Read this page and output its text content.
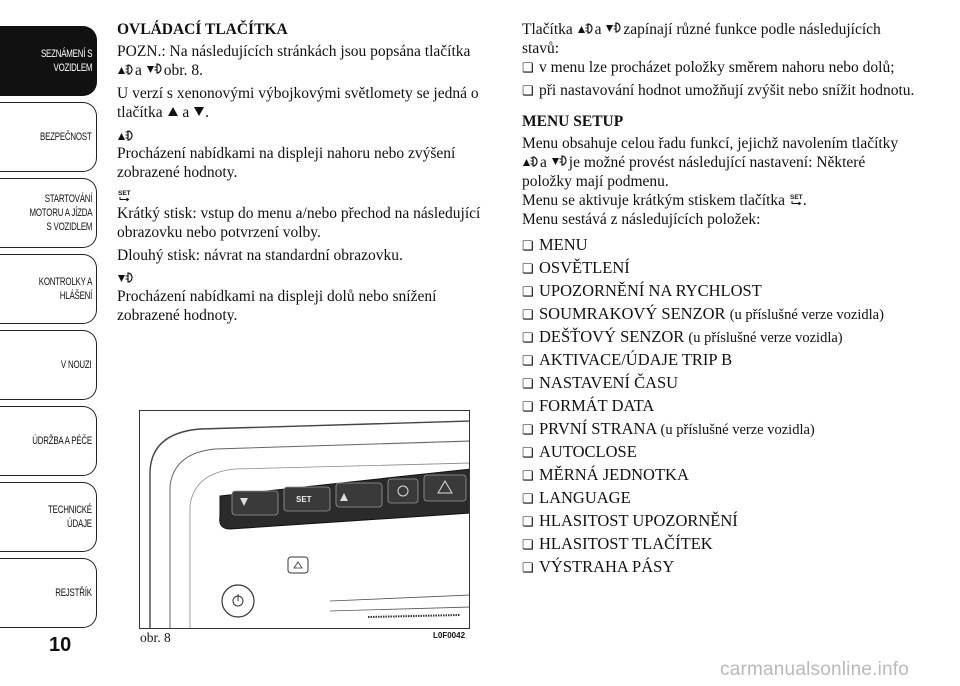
SEZNÁMENÍ S
VOZIDLEM
BEZPEČNOST
STARTOVÁNÍ
MOTORU A JÍZDA
S VOZIDLEM
KONTROLKY A
HLÁŠENÍ
V NOUZI
ÚDRŽBA A PÉČE
TECHNICKÉ
ÚDAJE
REJSTŘÍK
10
OVLÁDACÍ TLAČÍTKA

POZN.: Na následujících stránkách jsou popsána tlačítka a obr. 8.

U verzí s xenonovými výbojkovými světlomety se jedná o tlačítka a .

Procházení nabídkami na displeji nahoru nebo zvýšení zobrazené hodnoty.

Krátký stisk: vstup do menu a/nebo přechod na následující obrazovku nebo potvrzení volby.

Dlouhý stisk: návrat na standardní obrazovku.

Procházení nabídkami na displeji dolů nebo snížení zobrazené hodnoty.

SET
obr. 8	L0F0042

Tlačítka a zapínají různé funkce podle následujících stavů:

❏ v menu lze procházet položky směrem nahoru nebo dolů;

❏ při nastavování hodnot umožňují zvýšit nebo snížit hodnotu.

MENU SETUP

Menu obsahuje celou řadu funkcí, jejichž navolením tlačítky a je možné provést následující nastavení: Některé položky mají podmenu.

Menu se aktivuje krátkým stiskem tlačítka .

Menu sestává z následujících položek:

❏ MENU

❏ OSVĚTLENÍ

❏ UPOZORNĚNÍ NA RYCHLOST

❏ SOUMRAKOVÝ SENZOR (u příslušné verze vozidla)

❏ DEŠŤOVÝ SENZOR (u příslušné verze vozidla)

❏ AKTIVACE/ÚDAJE TRIP B

❏ NASTAVENÍ ČASU

❏ FORMÁT DATA

❏ PRVNÍ STRANA (u příslušné verze vozidla)

❏ AUTOCLOSE

❏ MĚRNÁ JEDNOTKA

❏ LANGUAGE

❏ HLASITOST UPOZORNĚNÍ

❏ HLASITOST TLAČÍTEK

❏ VÝSTRAHA PÁSY

carmanualsonline.info
